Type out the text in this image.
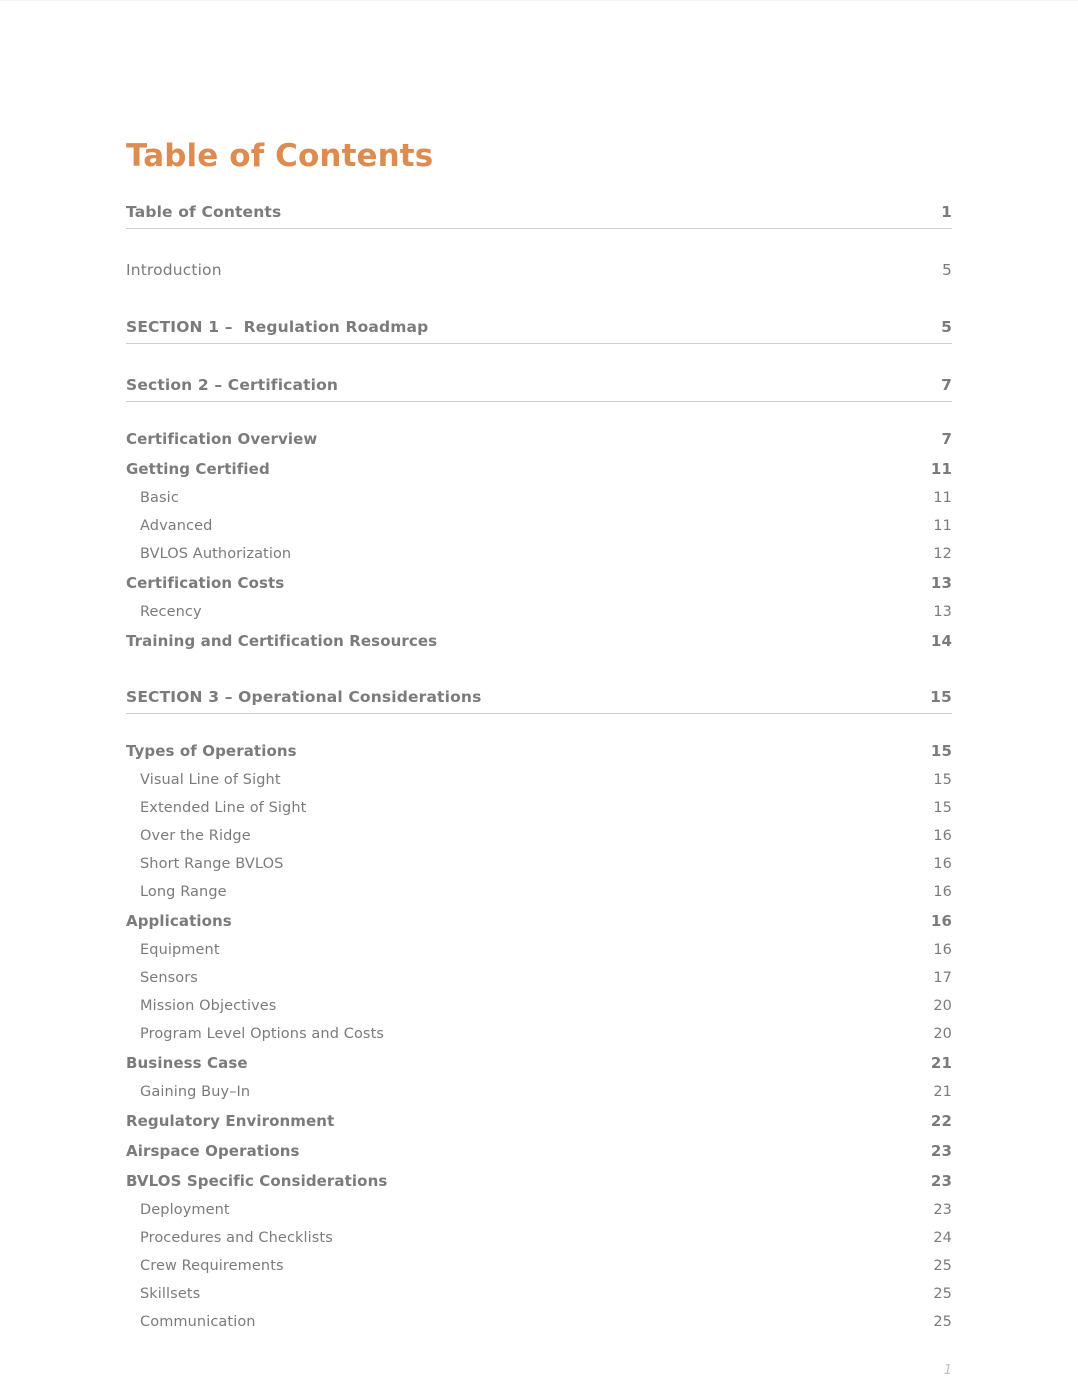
Table of Contents
Table of Contents	1
Introduction	5
SECTION 1 –  Regulation Roadmap	5
Section 2 – Certification	7
Certification Overview	7
Getting Certified	11
Basic	11
Advanced	11
BVLOS Authorization	12
Certification Costs	13
Recency	13
Training and Certification Resources	14
SECTION 3 – Operational Considerations	15
Types of Operations	15
Visual Line of Sight	15
Extended Line of Sight	15
Over the Ridge	16
Short Range BVLOS	16
Long Range	16
Applications	16
Equipment	16
Sensors	17
Mission Objectives	20
Program Level Options and Costs	20
Business Case	21
Gaining Buy–In	21
Regulatory Environment	22
Airspace Operations	23
BVLOS Specific Considerations	23
Deployment	23
Procedures and Checklists	24
Crew Requirements	25
Skillsets	25
Communication	25
1
